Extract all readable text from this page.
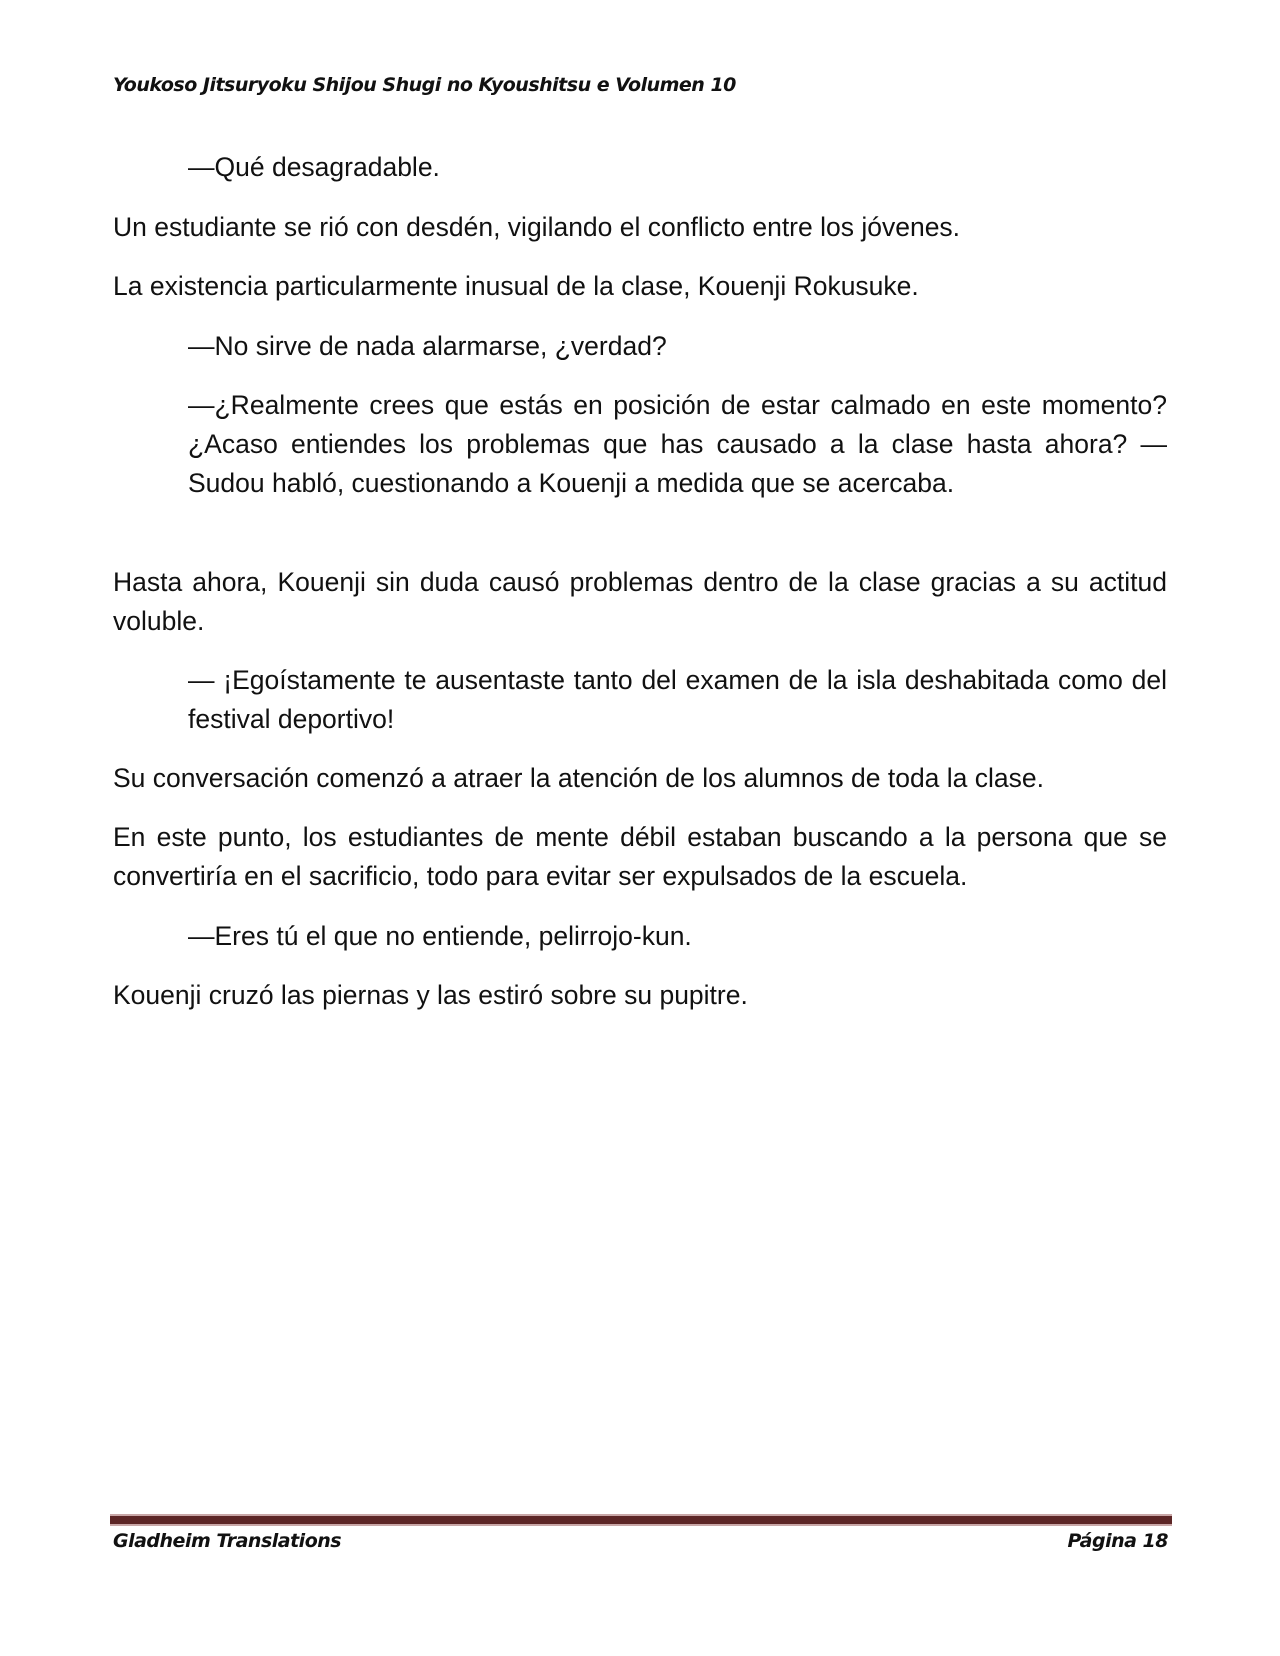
Youkoso Jitsuryoku Shijou Shugi no Kyoushitsu e Volumen 10

—Qué desagradable.

Un estudiante se rió con desdén, vigilando el conflicto entre los jóvenes.

La existencia particularmente inusual de la clase, Kouenji Rokusuke.

—No sirve de nada alarmarse, ¿verdad?

—¿Realmente crees que estás en posición de estar calmado en este momento? ¿Acaso entiendes los problemas que has causado a la clase hasta ahora? —Sudou habló, cuestionando a Kouenji a medida que se acercaba.

Hasta ahora, Kouenji sin duda causó problemas dentro de la clase gracias a su actitud voluble.

— ¡Egoístamente te ausentaste tanto del examen de la isla deshabitada como del festival deportivo!

Su conversación comenzó a atraer la atención de los alumnos de toda la clase.

En este punto, los estudiantes de mente débil estaban buscando a la persona que se convertiría en el sacrificio, todo para evitar ser expulsados de la escuela.

—Eres tú el que no entiende, pelirrojo-kun.

Kouenji cruzó las piernas y las estiró sobre su pupitre.

Gladheim Translations	Página 18
